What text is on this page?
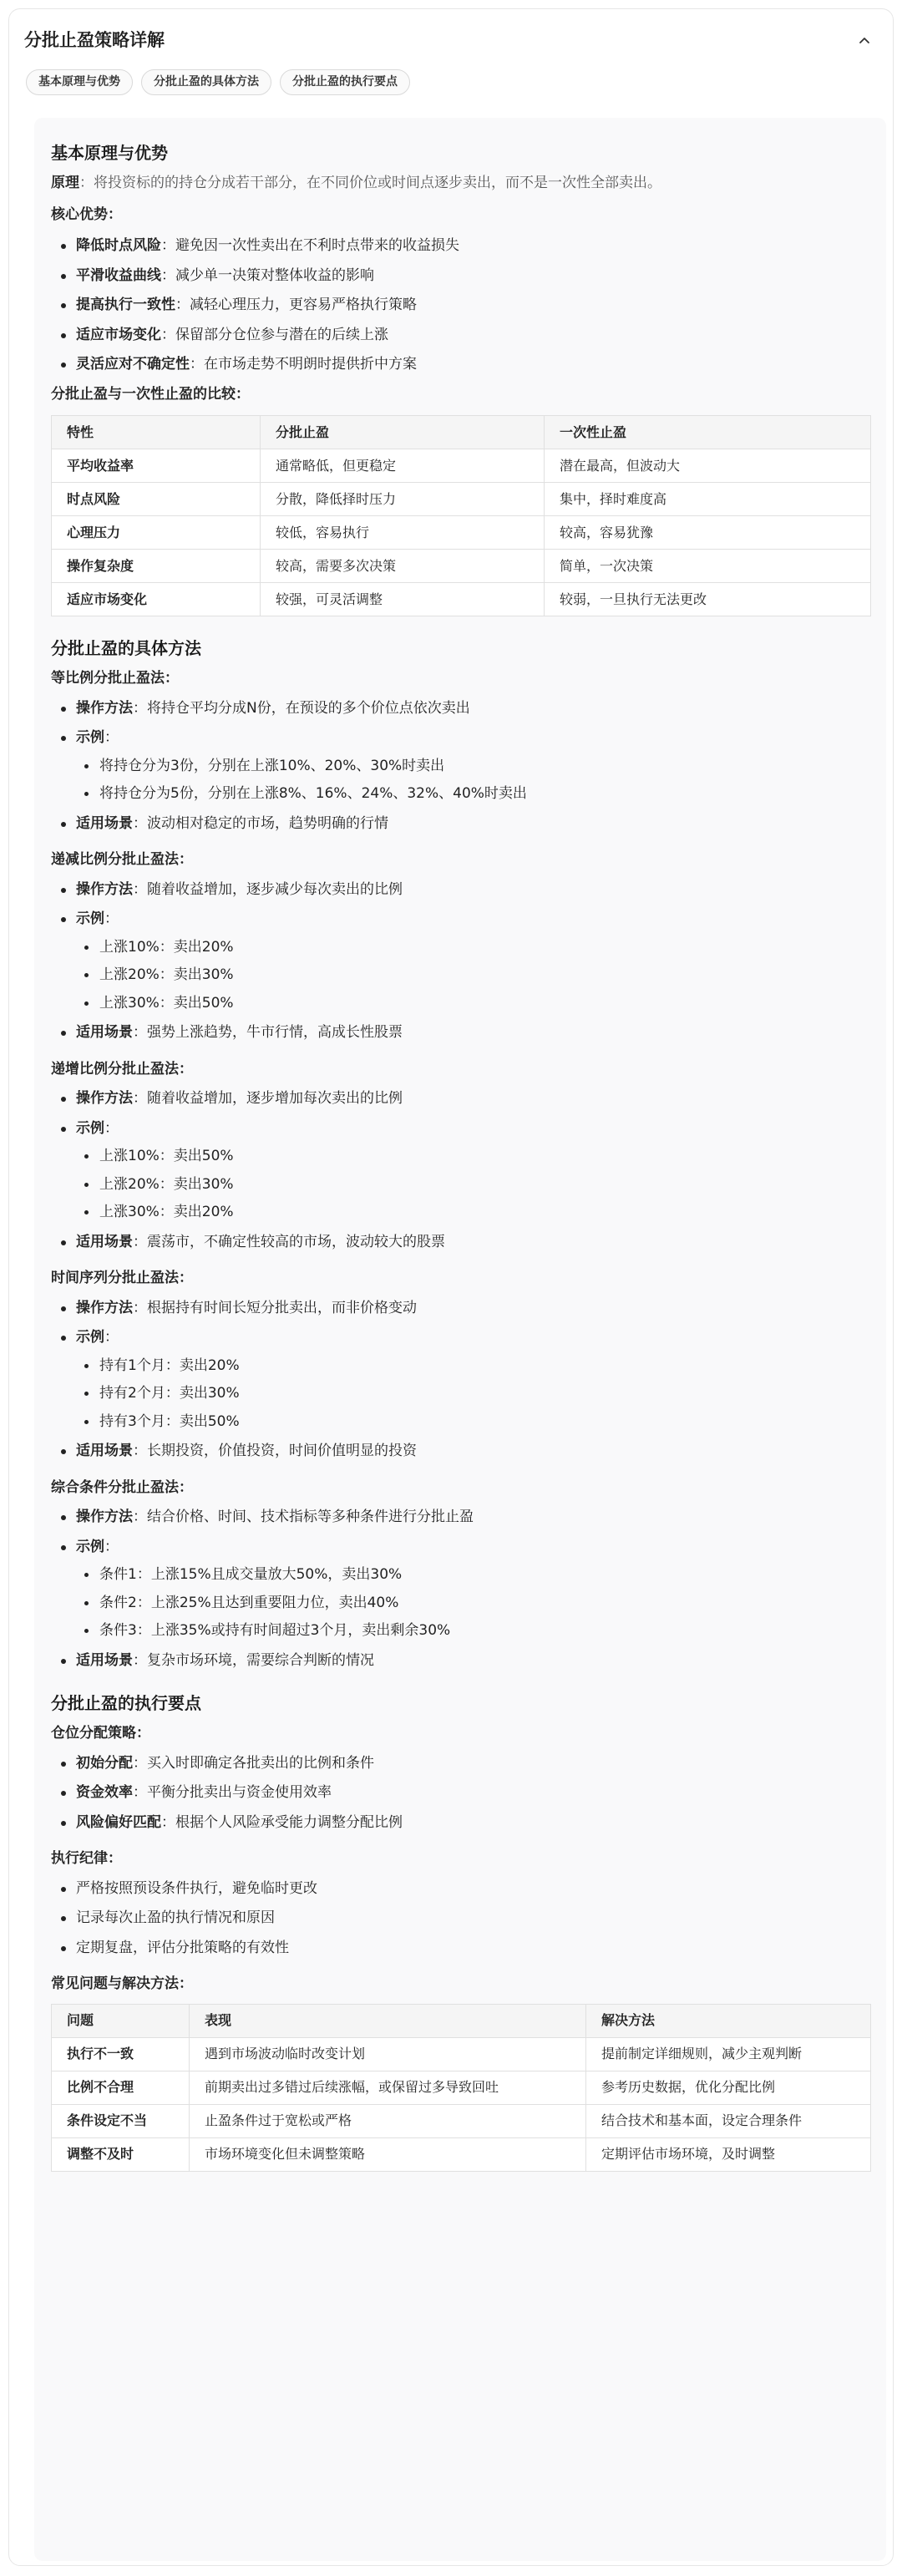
分批止盈策略详解
基本原理与优势	分批止盈的具体方法	分批止盈的执行要点
基本原理与优势

原理：将投资标的的持仓分成若干部分，在不同价位或时间点逐步卖出，而不是一次性全部卖出。

核心优势：

降低时点风险：避免因一次性卖出在不利时点带来的收益损失
平滑收益曲线：减少单一决策对整体收益的影响
提高执行一致性：减轻心理压力，更容易严格执行策略
适应市场变化：保留部分仓位参与潜在的后续上涨
灵活应对不确定性：在市场走势不明朗时提供折中方案

分批止盈与一次性止盈的比较：

特性	分批止盈	一次性止盈
平均收益率	通常略低，但更稳定	潜在最高，但波动大
时点风险	分散，降低择时压力	集中，择时难度高
心理压力	较低，容易执行	较高，容易犹豫
操作复杂度	较高，需要多次决策	简单，一次决策
适应市场变化	较强，可灵活调整	较弱，一旦执行无法更改
分批止盈的具体方法

等比例分批止盈法：

操作方法：将持仓平均分成N份，在预设的多个价位点依次卖出
示例：
将持仓分为3份，分别在上涨10%、20%、30%时卖出
将持仓分为5份，分别在上涨8%、16%、24%、32%、40%时卖出
适用场景：波动相对稳定的市场，趋势明确的行情

递减比例分批止盈法：

操作方法：随着收益增加，逐步减少每次卖出的比例
示例：
上涨10%：卖出20%
上涨20%：卖出30%
上涨30%：卖出50%
适用场景：强势上涨趋势，牛市行情，高成长性股票

递增比例分批止盈法：

操作方法：随着收益增加，逐步增加每次卖出的比例
示例：
上涨10%：卖出50%
上涨20%：卖出30%
上涨30%：卖出20%
适用场景：震荡市，不确定性较高的市场，波动较大的股票

时间序列分批止盈法：

操作方法：根据持有时间长短分批卖出，而非价格变动
示例：
持有1个月：卖出20%
持有2个月：卖出30%
持有3个月：卖出50%
适用场景：长期投资，价值投资，时间价值明显的投资

综合条件分批止盈法：

操作方法：结合价格、时间、技术指标等多种条件进行分批止盈
示例：
条件1：上涨15%且成交量放大50%，卖出30%
条件2：上涨25%且达到重要阻力位，卖出40%
条件3：上涨35%或持有时间超过3个月，卖出剩余30%
适用场景：复杂市场环境，需要综合判断的情况
分批止盈的执行要点

仓位分配策略：

初始分配：买入时即确定各批卖出的比例和条件
资金效率：平衡分批卖出与资金使用效率
风险偏好匹配：根据个人风险承受能力调整分配比例

执行纪律：

严格按照预设条件执行，避免临时更改
记录每次止盈的执行情况和原因
定期复盘，评估分批策略的有效性

常见问题与解决方法：

问题	表现	解决方法
执行不一致	遇到市场波动临时改变计划	提前制定详细规则，减少主观判断
比例不合理	前期卖出过多错过后续涨幅，或保留过多导致回吐	参考历史数据，优化分配比例
条件设定不当	止盈条件过于宽松或严格	结合技术和基本面，设定合理条件
调整不及时	市场环境变化但未调整策略	定期评估市场环境，及时调整
